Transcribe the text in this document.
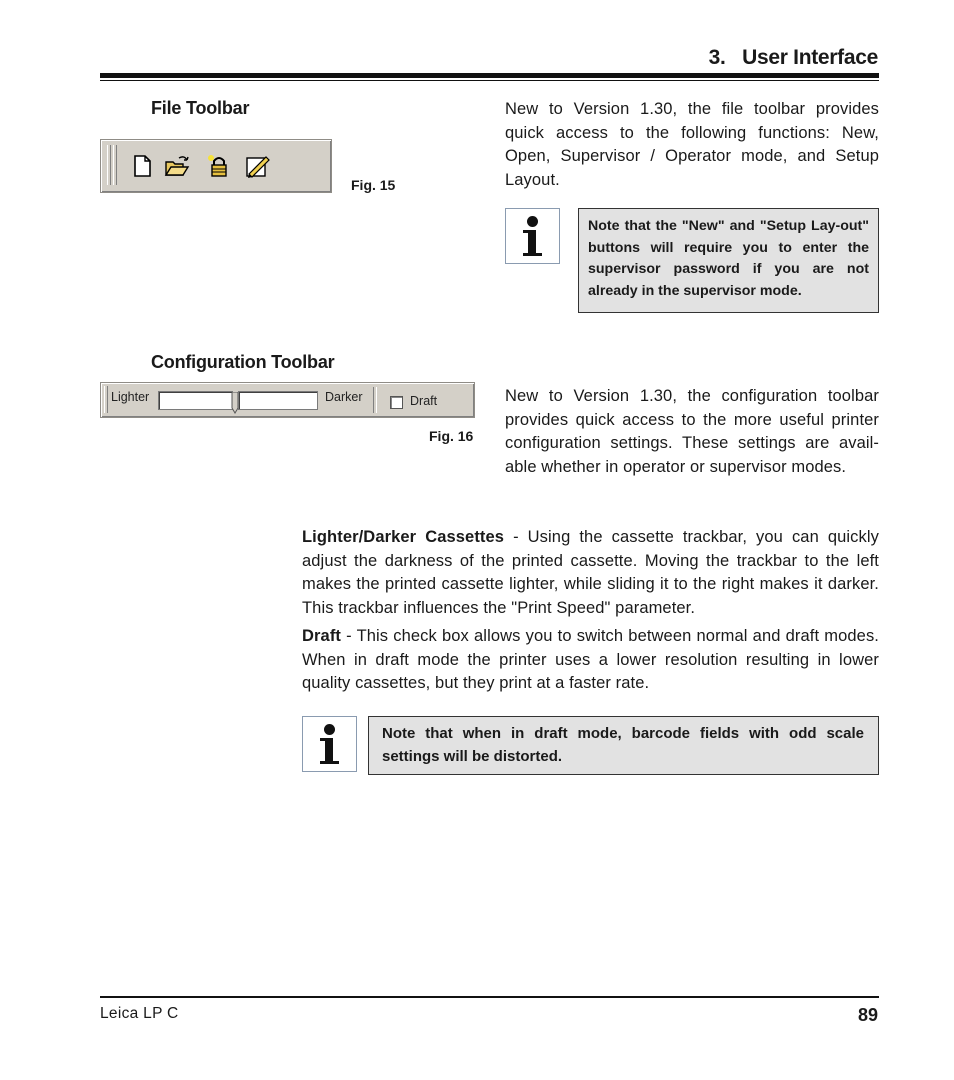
3.   User Interface
File Toolbar
Fig. 15

New to Version 1.30, the file toolbar provides quick access to the following functions: New, Open, Supervisor / Operator mode, and Setup Layout.

Note that the "New" and "Setup Lay-out" buttons will require you to enter the supervisor password if you are not already in the supervisor mode.
Configuration Toolbar
Lighter	Darker	Draft
Fig. 16

New to Version 1.30, the configuration toolbar provides quick access to the more useful printer configuration settings. These settings are avail-able whether in operator or supervisor modes.

Lighter/Darker Cassettes - Using the cassette trackbar, you can quickly adjust the darkness of the printed cassette. Moving the trackbar to the left makes the printed cassette lighter, while sliding it to the right makes it darker. This trackbar influences the "Print Speed" parameter.

Draft - This check box allows you to switch between normal and draft modes. When in draft mode the printer uses a lower resolution resulting in lower quality cassettes, but they print at a faster rate.

Note that when in draft mode, barcode fields with odd scale settings will be distorted.
Leica LP C	89
